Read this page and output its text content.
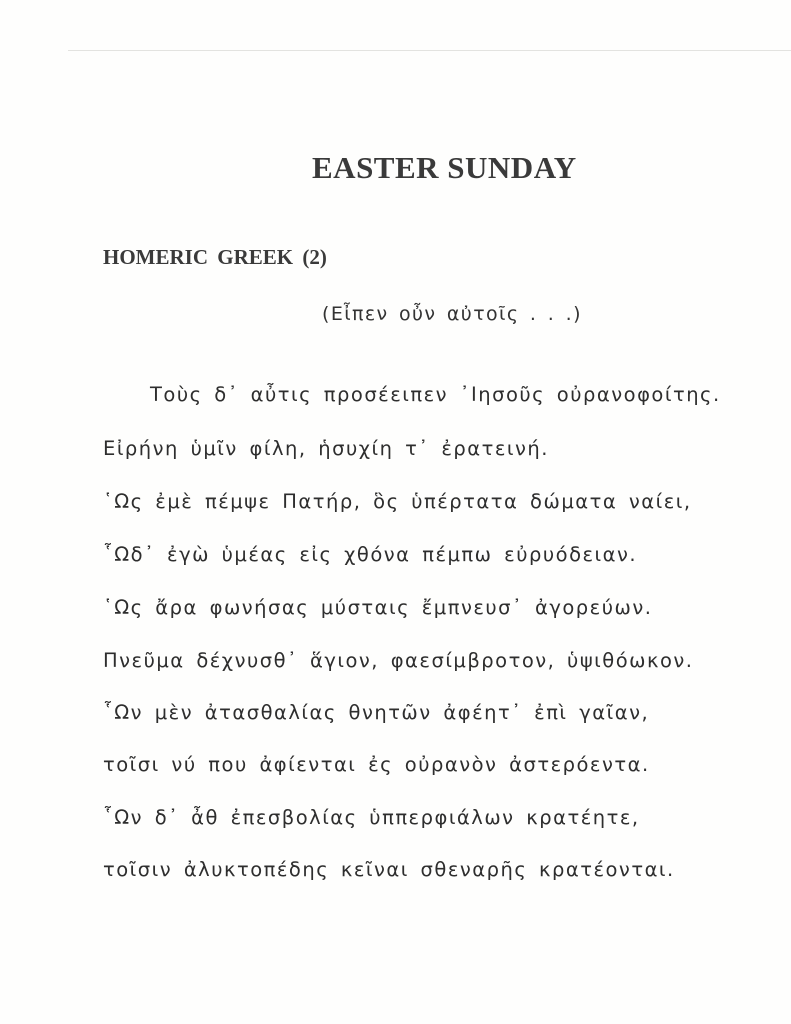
EASTER SUNDAY
HOMERIC GREEK (2)

(Εἶπεν οὖν αὐτοῖς . . .)

Τοὺς δ᾽ αὖτις προσέειπεν ᾽Ιησοῦς οὐρανοφοίτης.

Εἰρήνη ὑμῖν φίλη, ἡσυχίη τ᾽ ἐρατεινή.

῾Ως ἐμὲ πέμψε Πατήρ, ὃς ὑπέρτατα δώματα ναίει,

῟Ωδ᾽ ἐγὼ ὑμέας εἰς χθόνα πέμπω εὐρυόδειαν.

῾Ως ἄρα φωνήσας μύσταις ἔμπνευσ᾽ ἀγορεύων.

Πνεῦμα δέχνυσθ᾽ ἅγιον, φαεσίμβροτον, ὑψιθόωκον.

῟Ων μὲν ἀτασθαλίας θνητῶν ἀφέητ᾽ ἐπὶ γαῖαν,

τοῖσι νύ που ἀφίενται ἐς οὐρανὸν ἀστερόεντα.

῟Ων δ᾽ ἆθ ἐπεσβολίας ὑππερφιάλων κρατέητε,

τοῖσιν ἀλυκτοπέδης κεῖναι σθεναρῆς κρατέονται.
